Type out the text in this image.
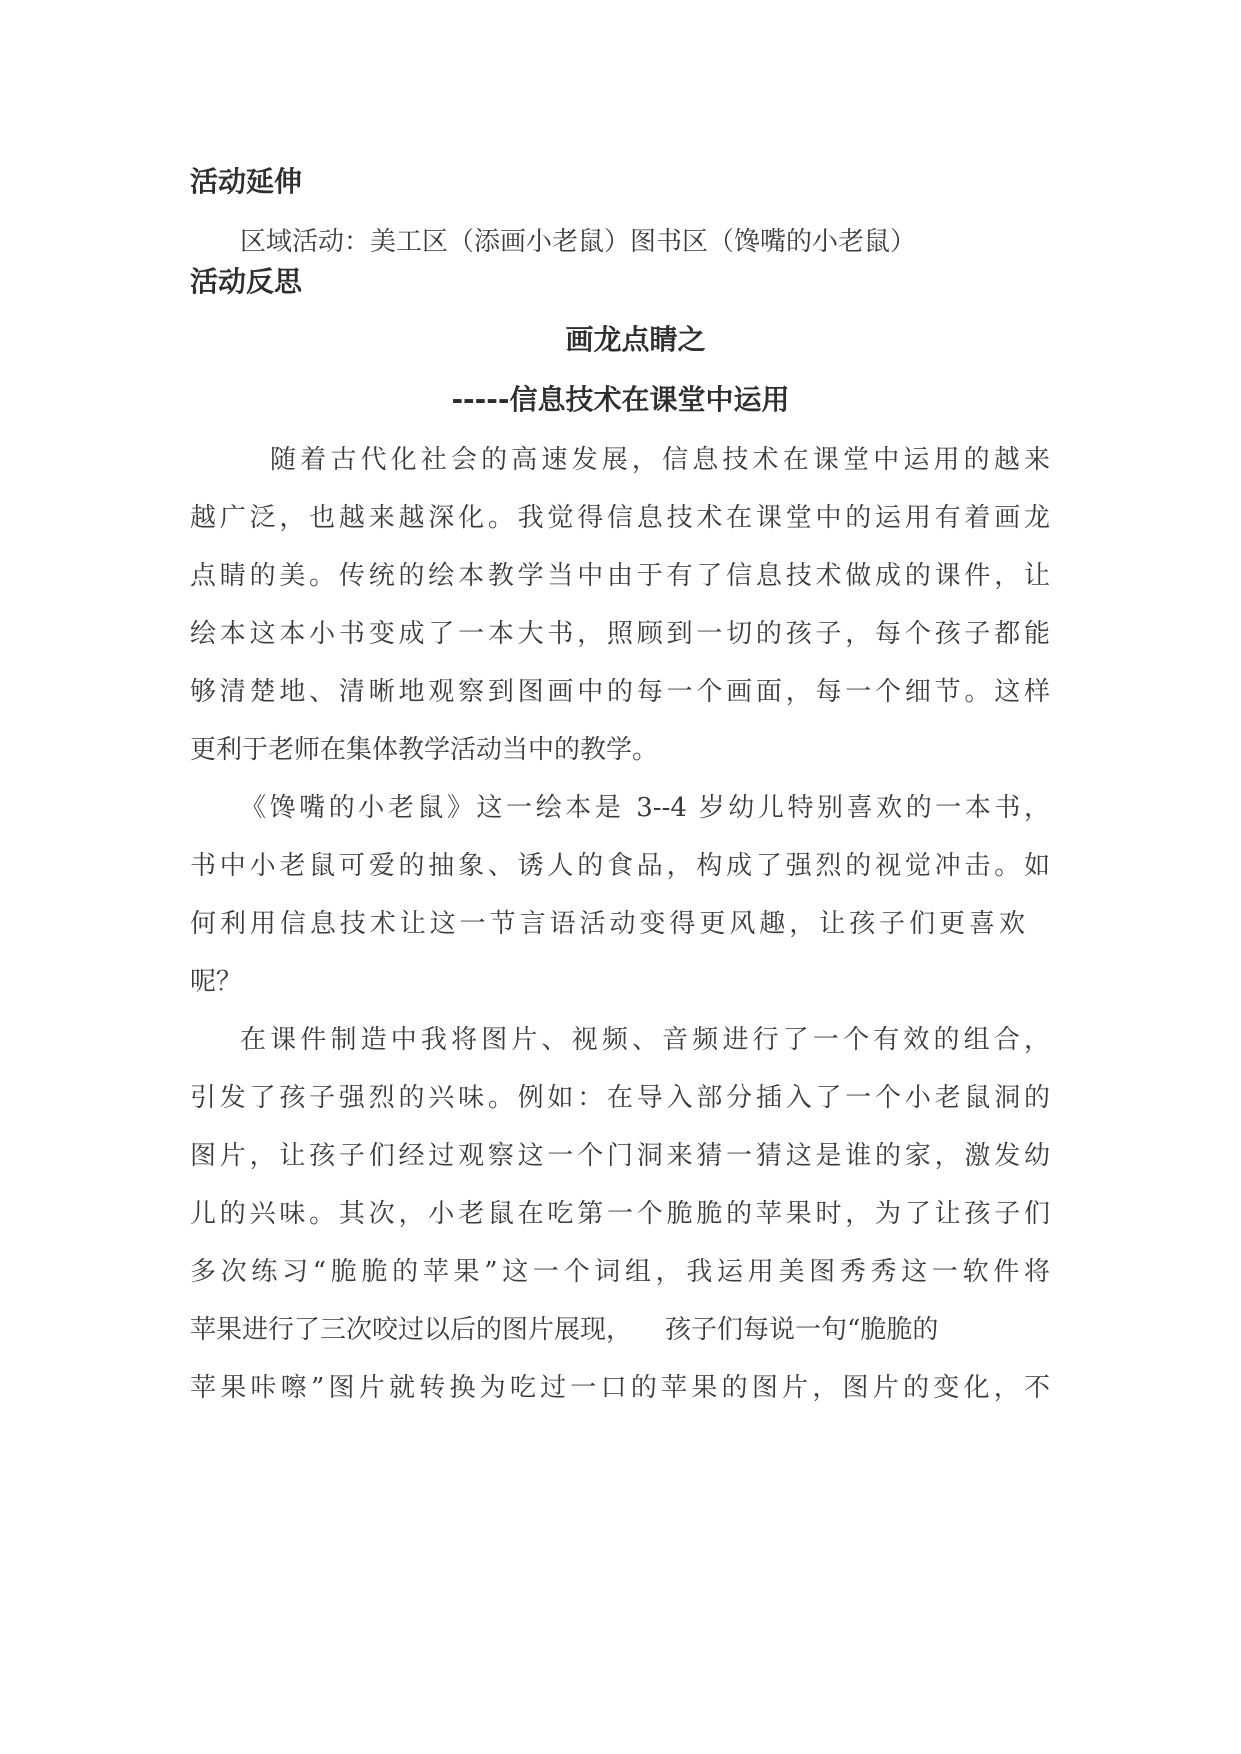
活动延伸
区域活动：美工区（添画小老鼠）图书区（馋嘴的小老鼠）
活动反思
画龙点睛之
-----信息技术在课堂中运用
随着古代化社会的高速发展，信息技术在课堂中运用的越来
越广泛，也越来越深化。我觉得信息技术在课堂中的运用有着画龙
点睛的美。传统的绘本教学当中由于有了信息技术做成的课件，让
绘本这本小书变成了一本大书，照顾到一切的孩子，每个孩子都能
够清楚地、清晰地观察到图画中的每一个画面，每一个细节。这样
更利于老师在集体教学活动当中的教学。
《馋嘴的小老鼠》这一绘本是 3--4 岁幼儿特别喜欢的一本书，
书中小老鼠可爱的抽象、诱人的食品，构成了强烈的视觉冲击。如
何利用信息技术让这一节言语活动变得更风趣，让孩子们更喜欢
呢？
在课件制造中我将图片、视频、音频进行了一个有效的组合，
引发了孩子强烈的兴味。例如：在导入部分插入了一个小老鼠洞的
图片，让孩子们经过观察这一个门洞来猜一猜这是谁的家，激发幼
儿的兴味。其次，小老鼠在吃第一个脆脆的苹果时，为了让孩子们
多次练习“脆脆的苹果”这一个词组，我运用美图秀秀这一软件将
苹果进行了三次咬过以后的图片展现，    孩子们每说一句“脆脆的
苹果咔嚓”图片就转换为吃过一口的苹果的图片，图片的变化，不
